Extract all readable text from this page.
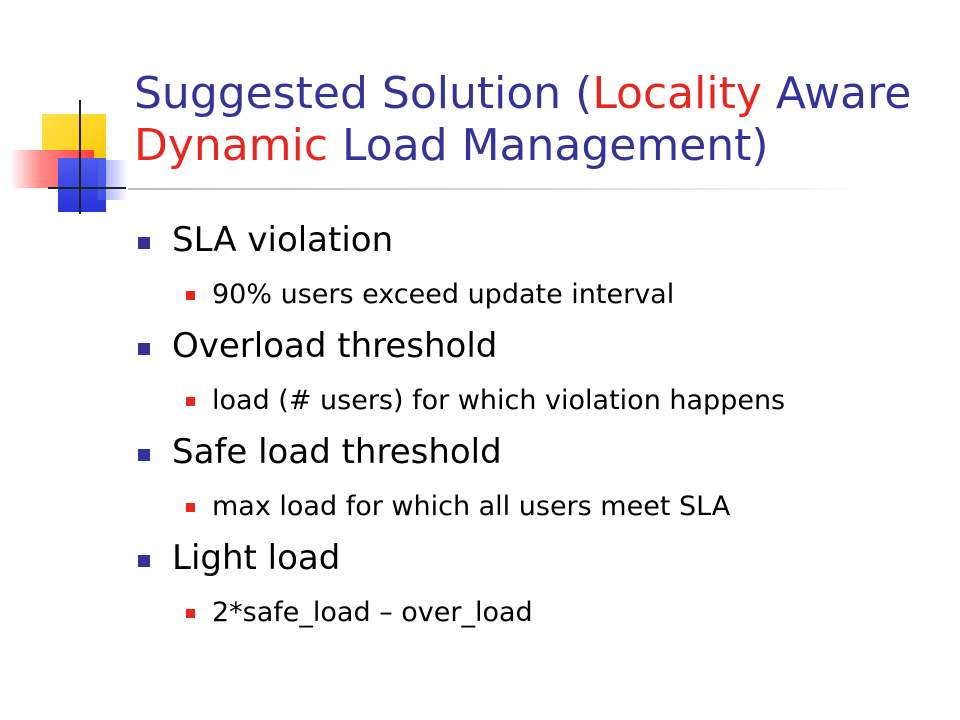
Suggested Solution (Locality Aware
Dynamic Load Management)
SLA violation
90% users exceed update interval
Overload threshold
load (# users) for which violation happens
Safe load threshold
max load for which all users meet SLA
Light load
2*safe_load – over_load
